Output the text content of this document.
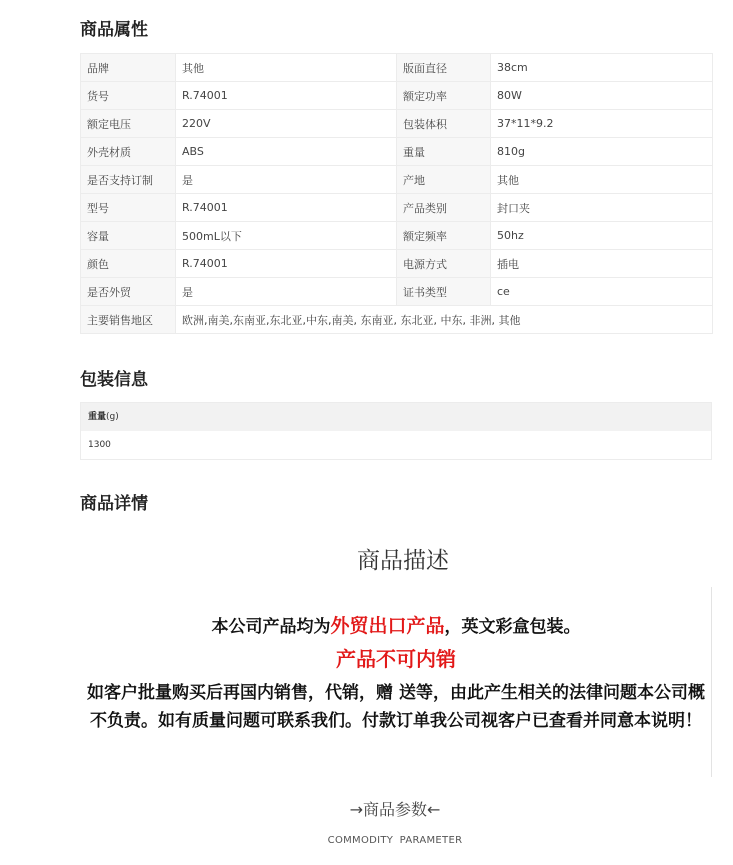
商品属性
品牌	其他	版面直径	38cm
货号	R.74001	额定功率	80W
额定电压	220V	包装体积	37*11*9.2
外壳材质	ABS	重量	810g
是否支持订制	是	产地	其他
型号	R.74001	产品类别	封口夹
容量	500mL以下	额定频率	50hz
颜色	R.74001	电源方式	插电
是否外贸	是	证书类型	ce
主要销售地区	欧洲,南美,东南亚,东北亚,中东,南美, 东南亚, 东北亚, 中东, 非洲, 其他		
包装信息
重量(g)
1300
商品详情
商品描述
本公司产品均为外贸出口产品，英文彩盒包装。
产品不可内销
如客户批量购买后再国内销售，代销，赠 送等，由此产生相关的法律问题本公司概不负责。如有质量问题可联系我们。付款订单我公司视客户已查看并同意本说明！
→商品参数←
COMMODITY PARAMETER
